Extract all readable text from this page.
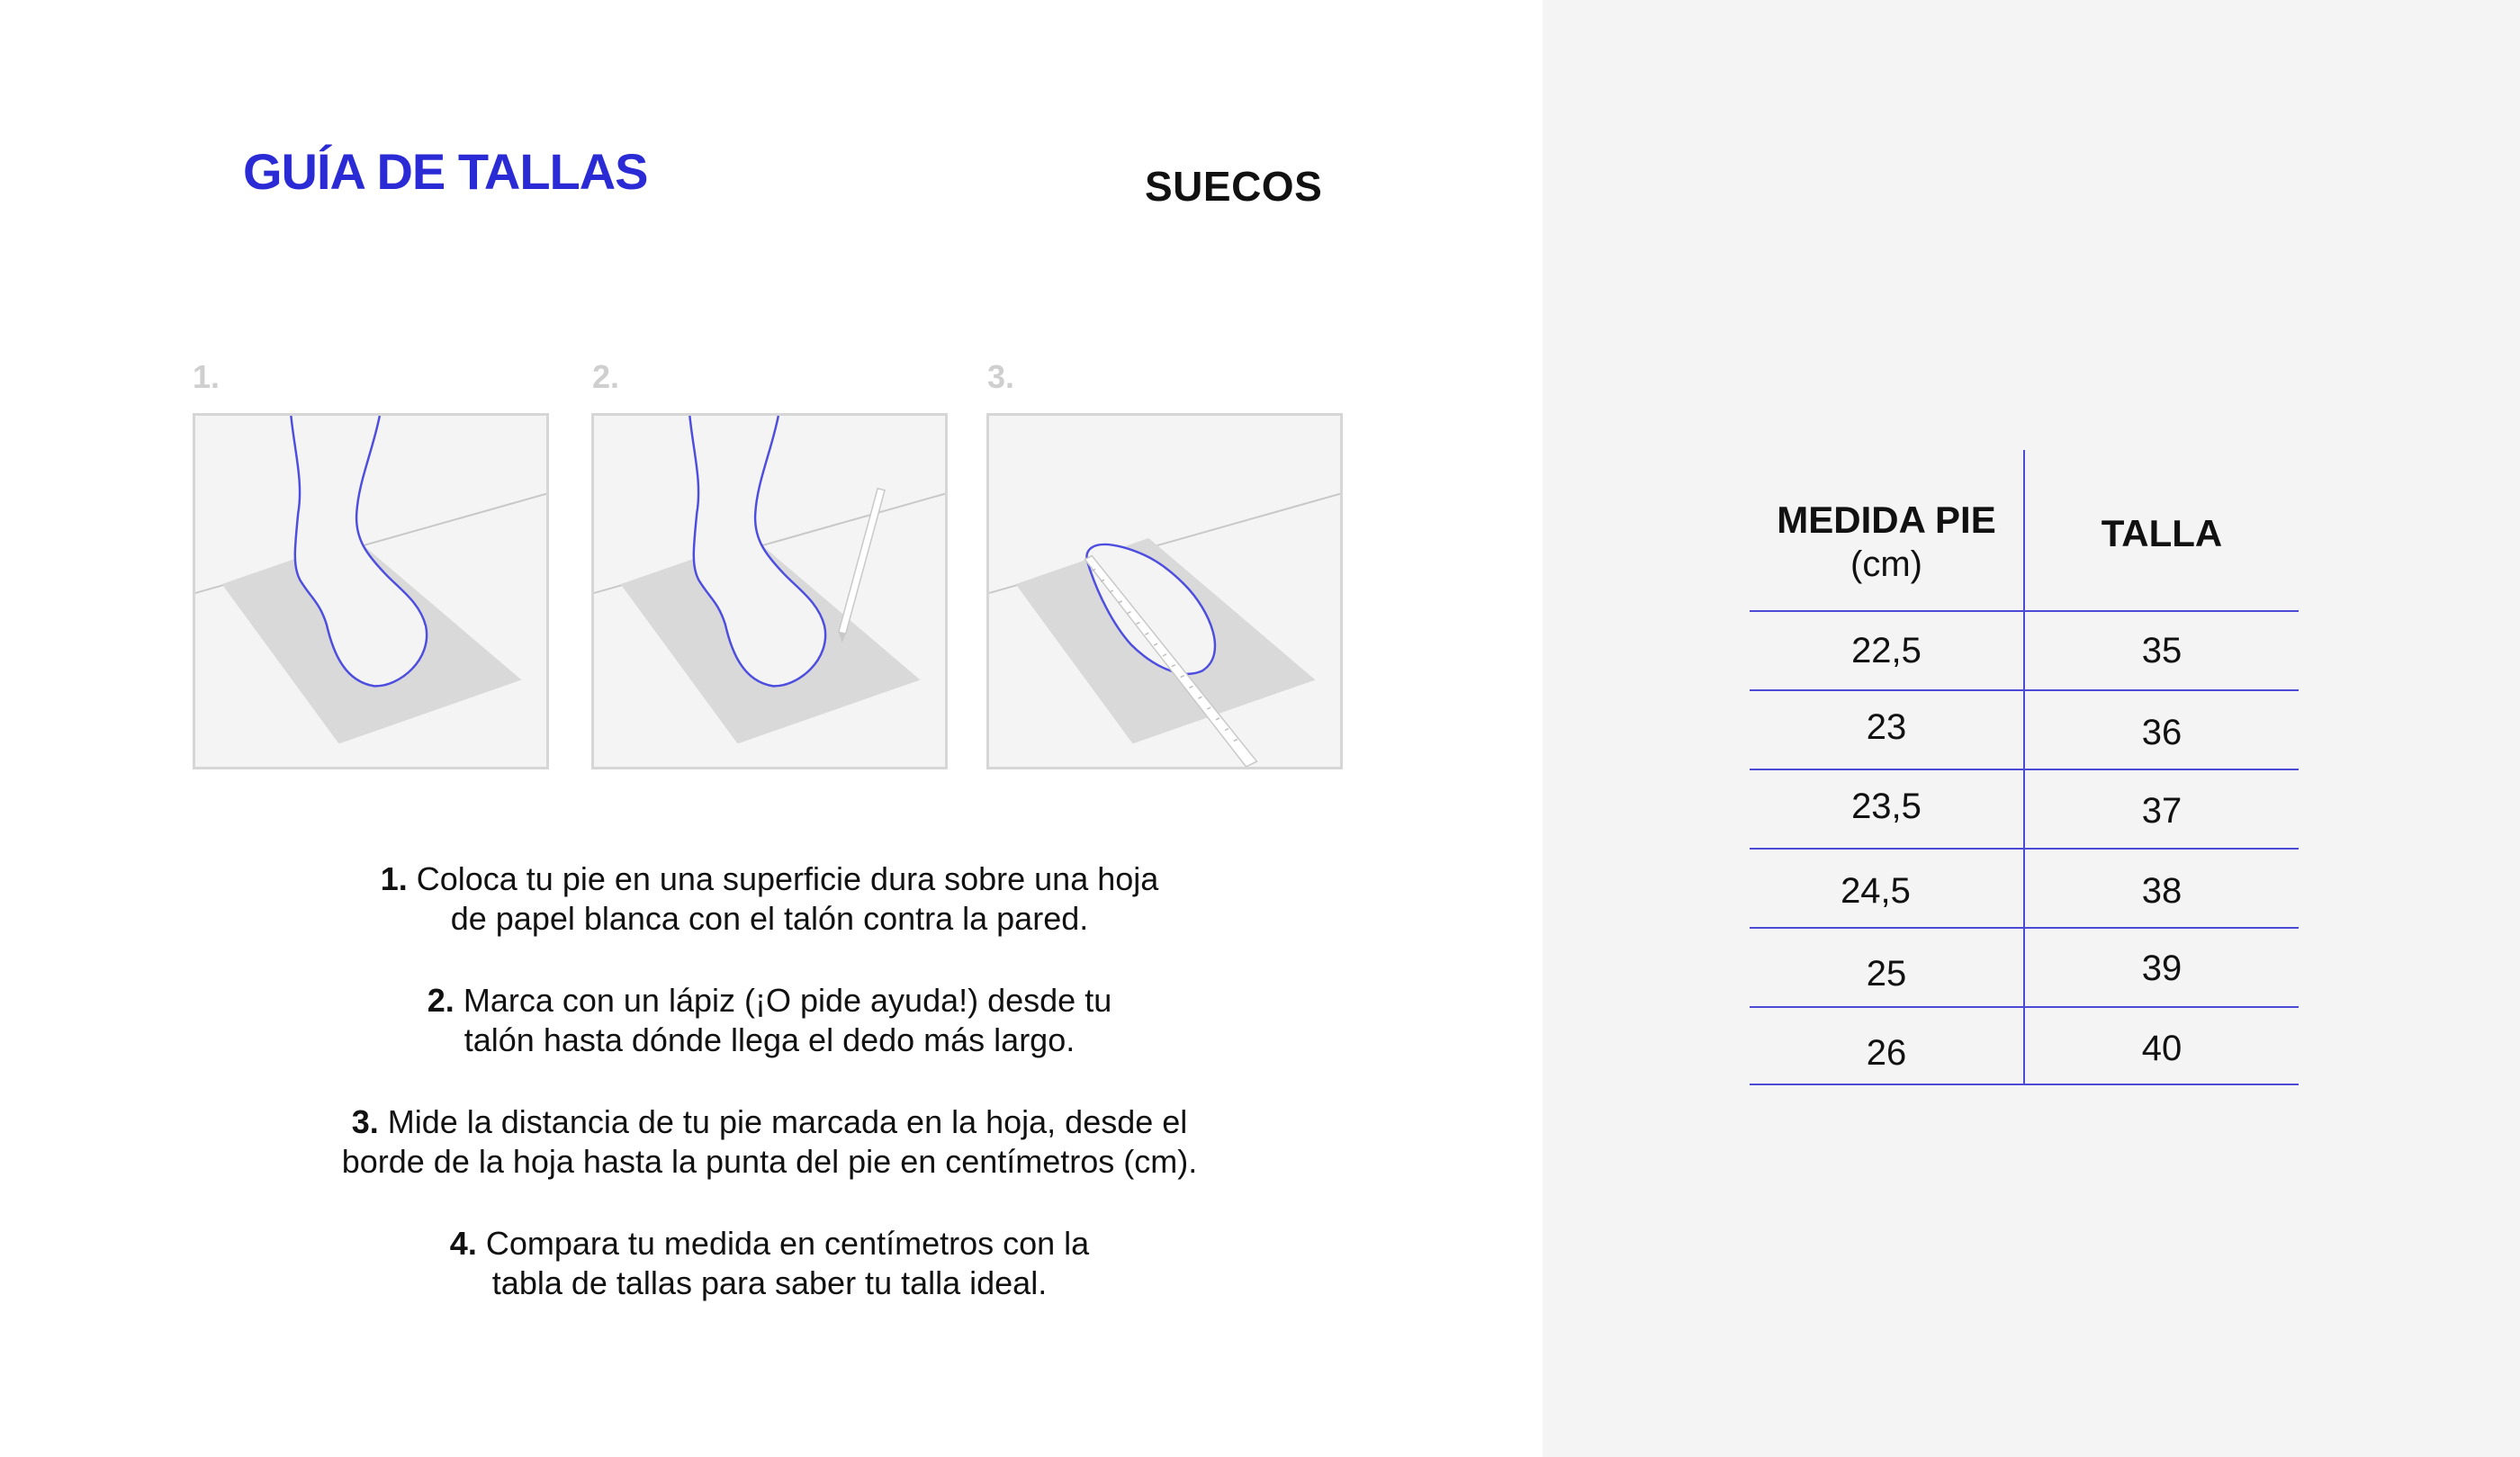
GUÍA DE TALLAS	SUECOS
1.	2.	3.

1. Coloca tu pie en una superficie dura sobre una hoja
de papel blanca con el talón contra la pared.

2. Marca con un lápiz (¡O pide ayuda!) desde tu
talón hasta dónde llega el dedo más largo.

3. Mide la distancia de tu pie marcada en la hoja, desde el
borde de la hoja hasta la punta del pie en centímetros (cm).

4. Compara tu medida en centímetros con la
tabla de tallas para saber tu talla ideal.

MEDIDA PIE
(cm)
TALLA
22,5	35
23	36
23,5	37
24,5	38
25	39
26	40
